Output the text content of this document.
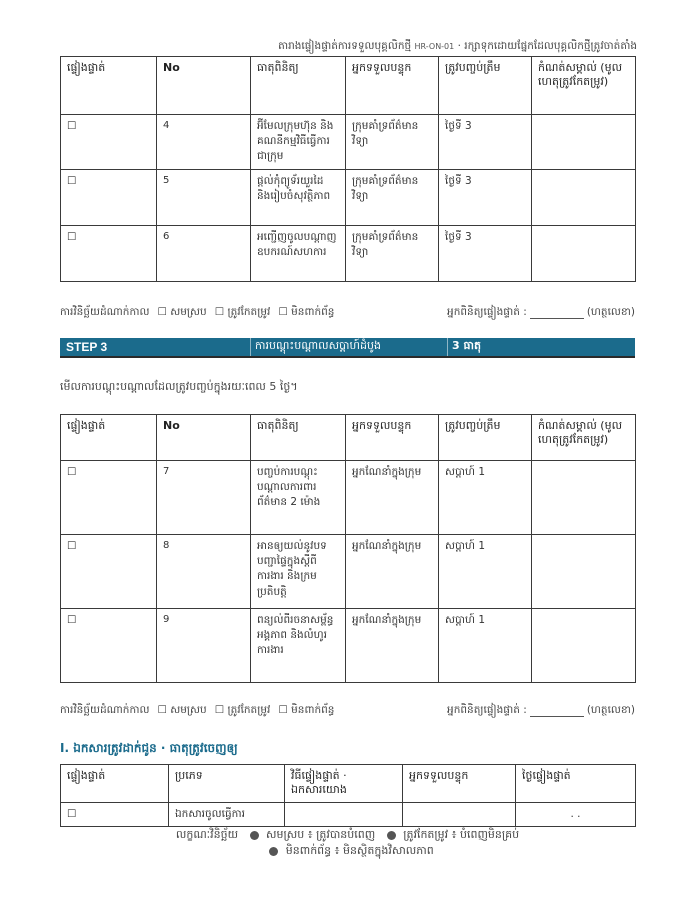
តារាងផ្ទៀងផ្ទាត់ការទទួលបុគ្គលិកថ្មី HR-ON-01 · រក្សាទុកដោយផ្នែកដែលបុគ្គលិកថ្មីត្រូវចាត់តាំង
ផ្ទៀងផ្ទាត់	No	ធាតុពិនិត្យ	អ្នកទទួលបន្ទុក	ត្រូវបញ្ចប់ត្រឹម	កំណត់សម្គាល់ (មូលហេតុត្រូវកែតម្រូវ)
☐	4	អ៊ីមែលក្រុមហ៊ុន និងគណនីកម្មវិធីធ្វើការជាក្រុម	ក្រុមគាំទ្រព័ត៌មានវិទ្យា	ថ្ងៃទី 3	
☐	5	ផ្តល់កុំព្យូទ័រយួរដៃ និងរៀបចំសុវត្ថិភាព	ក្រុមគាំទ្រព័ត៌មានវិទ្យា	ថ្ងៃទី 3	
☐	6	អញ្ជើញចូលបណ្តាញឧបករណ៍សហការ	ក្រុមគាំទ្រព័ត៌មានវិទ្យា	ថ្ងៃទី 3	
ការវិនិច្ឆ័យដំណាក់កាល ☐ សមស្រប ☐ ត្រូវកែតម្រូវ ☐ មិនពាក់ព័ន្ធ	អ្នកពិនិត្យផ្ទៀងផ្ទាត់ :	(ហត្ថលេខា)
STEP 3	ការបណ្តុះបណ្តាលសប្តាហ៍ដំបូង	3 ធាតុ
មើលការបណ្តុះបណ្តាលដែលត្រូវបញ្ចប់ក្នុងរយៈពេល 5 ថ្ងៃ។
ផ្ទៀងផ្ទាត់	No	ធាតុពិនិត្យ	អ្នកទទួលបន្ទុក	ត្រូវបញ្ចប់ត្រឹម	កំណត់សម្គាល់ (មូលហេតុត្រូវកែតម្រូវ)
☐	7	បញ្ចប់ការបណ្តុះបណ្តាលការពារព័ត៌មាន 2 ម៉ោង	អ្នកណែនាំក្នុងក្រុម	សប្តាហ៍ 1	
☐	8	អានឲ្យយល់នូវបទបញ្ជាផ្ទៃក្នុងស្តីពីការងារ និងក្រមប្រតិបត្តិ	អ្នកណែនាំក្នុងក្រុម	សប្តាហ៍ 1	
☐	9	ពន្យល់ពីរចនាសម្ព័ន្ធអង្គភាព និងលំហូរការងារ	អ្នកណែនាំក្នុងក្រុម	សប្តាហ៍ 1	
ការវិនិច្ឆ័យដំណាក់កាល ☐ សមស្រប ☐ ត្រូវកែតម្រូវ ☐ មិនពាក់ព័ន្ធ	អ្នកពិនិត្យផ្ទៀងផ្ទាត់ :	(ហត្ថលេខា)
I. ឯកសារត្រូវដាក់ជូន · ធាតុត្រូវចេញឲ្យ
ផ្ទៀងផ្ទាត់	ប្រភេទ	វិធីផ្ទៀងផ្ទាត់ · ឯកសារយោង	អ្នកទទួលបន្ទុក	ថ្ងៃផ្ទៀងផ្ទាត់
☐	ឯកសារចូលធ្វើការ			. .
លក្ខណៈវិនិច្ឆ័យ	សមស្រប ៖ ត្រូវបានបំពេញ	ត្រូវកែតម្រូវ ៖ បំពេញមិនគ្រប់
មិនពាក់ព័ន្ធ ៖ មិនស្ថិតក្នុងវិសាលភាព
